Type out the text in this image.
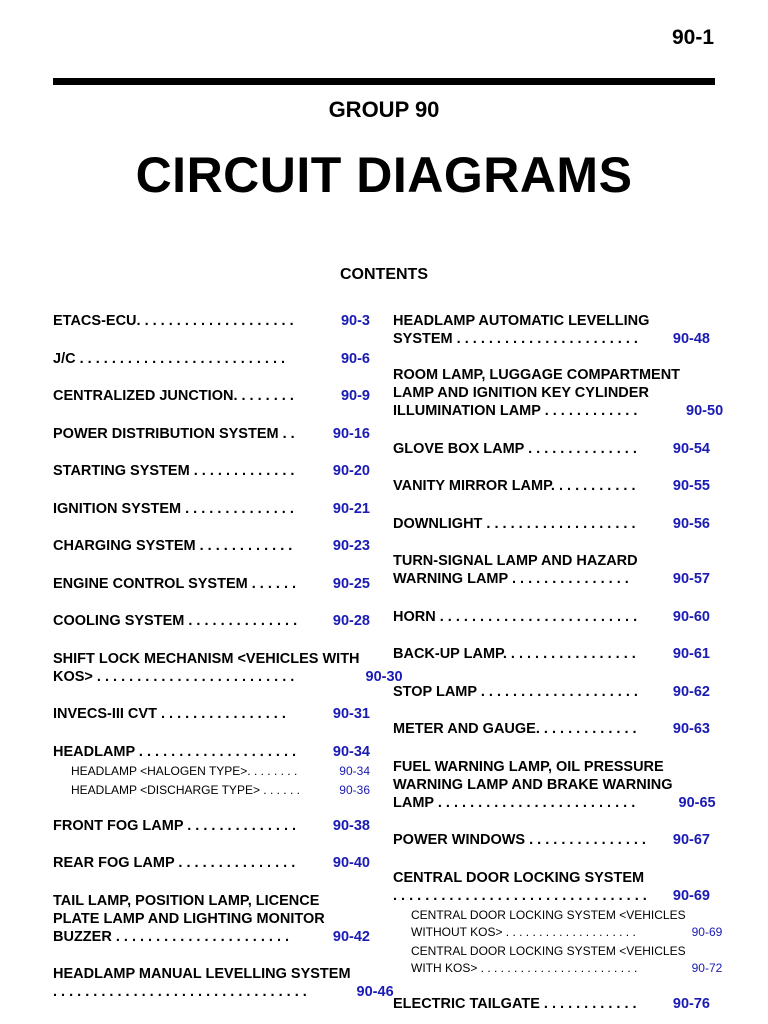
90-1
GROUP 90
CIRCUIT DIAGRAMS
CONTENTS
ETACS-ECU. . . . . . . . . . . . . . . . . . . .	90-3
J/C . . . . . . . . . . . . . . . . . . . . . . . . . .	90-6
CENTRALIZED JUNCTION. . . . . . . .	90-9
POWER DISTRIBUTION SYSTEM . .	90-16
STARTING SYSTEM . . . . . . . . . . . . .	90-20
IGNITION SYSTEM . . . . . . . . . . . . . .	90-21
CHARGING SYSTEM . . . . . . . . . . . .	90-23
ENGINE CONTROL SYSTEM . . . . . .	90-25
COOLING SYSTEM . . . . . . . . . . . . . .	90-28
SHIFT LOCK MECHANISM <VEHICLES WITH
KOS> . . . . . . . . . . . . . . . . . . . . . . . . .	90-30
INVECS-III CVT . . . . . . . . . . . . . . . .	90-31
HEADLAMP . . . . . . . . . . . . . . . . . . . .	90-34
HEADLAMP <HALOGEN TYPE>. . . . . . . .	90-34
HEADLAMP <DISCHARGE TYPE> . . . . . .	90-36
FRONT FOG LAMP . . . . . . . . . . . . . .	90-38
REAR FOG LAMP . . . . . . . . . . . . . . .	90-40
TAIL LAMP, POSITION LAMP, LICENCE
PLATE LAMP AND LIGHTING MONITOR
BUZZER . . . . . . . . . . . . . . . . . . . . . .	90-42
HEADLAMP MANUAL LEVELLING SYSTEM
. . . . . . . . . . . . . . . . . . . . . . . . . . . . . . . .	90-46
HEADLAMP AUTOMATIC LEVELLING
SYSTEM . . . . . . . . . . . . . . . . . . . . . . .	90-48
ROOM LAMP, LUGGAGE COMPARTMENT
LAMP AND IGNITION KEY CYLINDER
ILLUMINATION LAMP . . . . . . . . . . . .	90-50
GLOVE BOX LAMP . . . . . . . . . . . . . .	90-54
VANITY MIRROR LAMP. . . . . . . . . . .	90-55
DOWNLIGHT . . . . . . . . . . . . . . . . . . .	90-56
TURN-SIGNAL LAMP AND HAZARD
WARNING LAMP . . . . . . . . . . . . . . .	90-57
HORN . . . . . . . . . . . . . . . . . . . . . . . . .	90-60
BACK-UP LAMP. . . . . . . . . . . . . . . . .	90-61
STOP LAMP . . . . . . . . . . . . . . . . . . . .	90-62
METER AND GAUGE. . . . . . . . . . . . .	90-63
FUEL WARNING LAMP, OIL PRESSURE
WARNING LAMP AND BRAKE WARNING
LAMP . . . . . . . . . . . . . . . . . . . . . . . . .	90-65
POWER WINDOWS . . . . . . . . . . . . . . .	90-67
CENTRAL DOOR LOCKING SYSTEM
. . . . . . . . . . . . . . . . . . . . . . . . . . . . . . . .	90-69
CENTRAL DOOR LOCKING SYSTEM <VEHICLES
WITHOUT KOS> . . . . . . . . . . . . . . . . . . . .	90-69
CENTRAL DOOR LOCKING SYSTEM <VEHICLES
WITH KOS> . . . . . . . . . . . . . . . . . . . . . . . .	90-72
ELECTRIC TAILGATE . . . . . . . . . . . .	90-76
